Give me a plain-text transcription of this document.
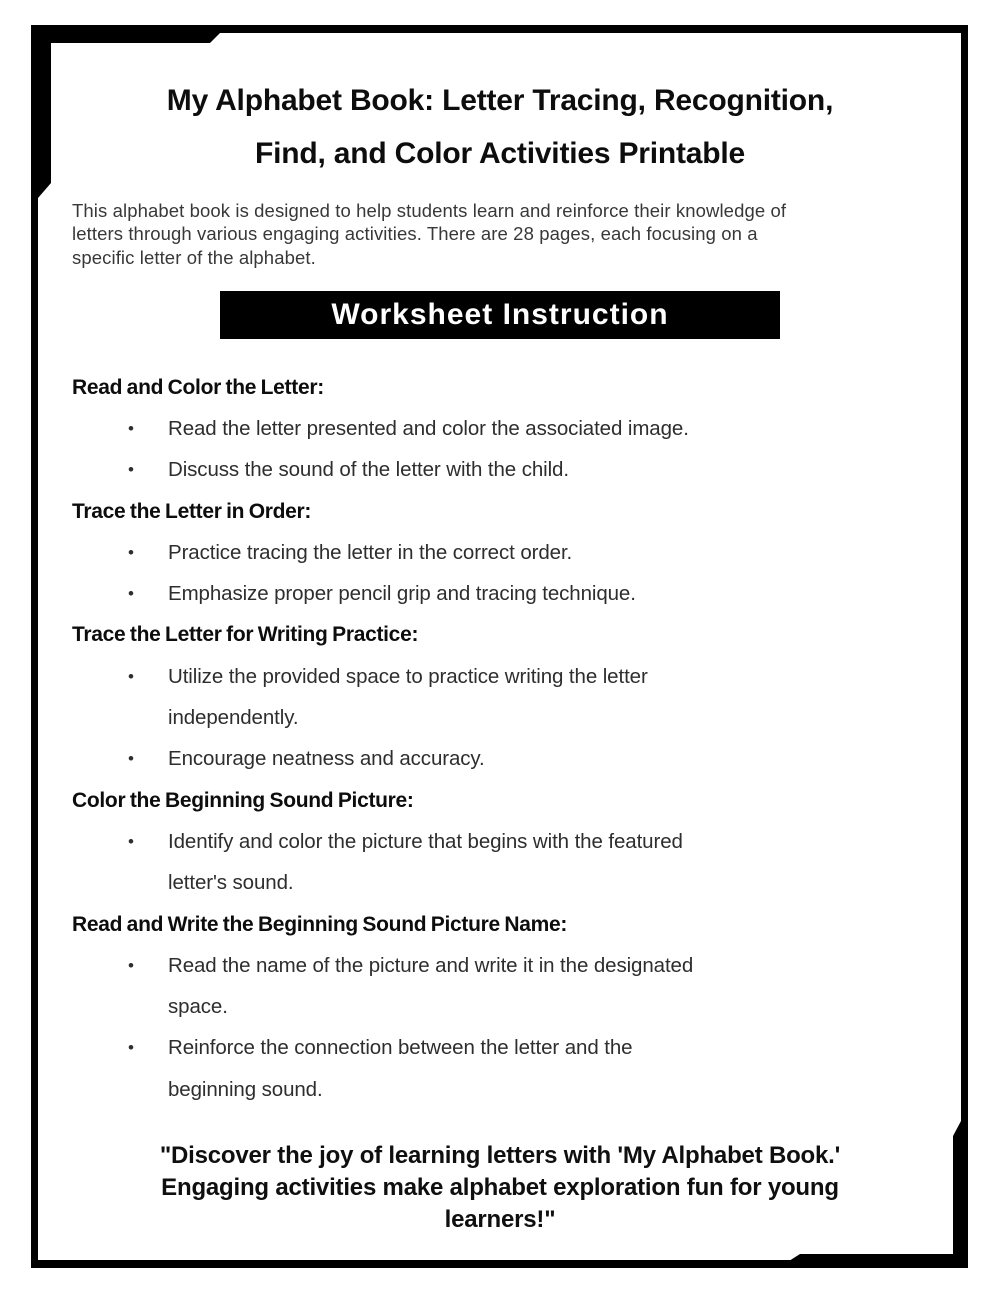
My Alphabet Book: Letter Tracing, Recognition,
Find, and Color Activities Printable
This alphabet book is designed to help students learn and reinforce their knowledge of
letters through various engaging activities. There are 28 pages, each focusing on a
specific letter of the alphabet.
Worksheet Instruction
Read and Color the Letter:
•	Read the letter presented and color the associated image.
•	Discuss the sound of the letter with the child.
Trace the Letter in Order:
•	Practice tracing the letter in the correct order.
•	Emphasize proper pencil grip and tracing technique.
Trace the Letter for Writing Practice:
•	Utilize the provided space to practice writing the letter
independently.
•	Encourage neatness and accuracy.
Color the Beginning Sound Picture:
•	Identify and color the picture that begins with the featured
letter's sound.
Read and Write the Beginning Sound Picture Name:
•	Read the name of the picture and write it in the designated
space.
•	Reinforce the connection between the letter and the
beginning sound.
"Discover the joy of learning letters with 'My Alphabet Book.'
Engaging activities make alphabet exploration fun for young
learners!"
